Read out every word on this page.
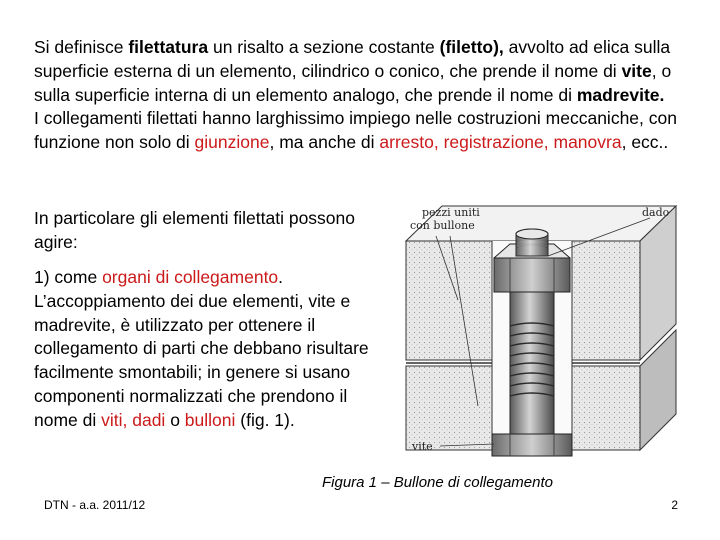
Si definisce filettatura un risalto a sezione costante (filetto), avvolto ad elica sulla superficie esterna di un elemento, cilindrico o conico, che prende il nome di vite, o sulla superficie interna di un elemento analogo, che prende il nome di madrevite.
I collegamenti filettati hanno larghissimo impiego nelle costruzioni meccaniche, con funzione non solo di giunzione, ma anche di arresto, registrazione, manovra, ecc..
In particolare gli elementi filettati possono agire:
1) come organi di collegamento. L’accoppiamento dei due elementi, vite e madrevite, è utilizzato per ottenere il collegamento di parti che debbano risultare facilmente smontabili; in genere si usano componenti normalizzati che prendono il nome di viti, dadi o bulloni (fig. 1).
pezzi uniti
con bullone
dado
vite
Figura 1 – Bullone di collegamento
DTN - a.a. 2011/12	2
